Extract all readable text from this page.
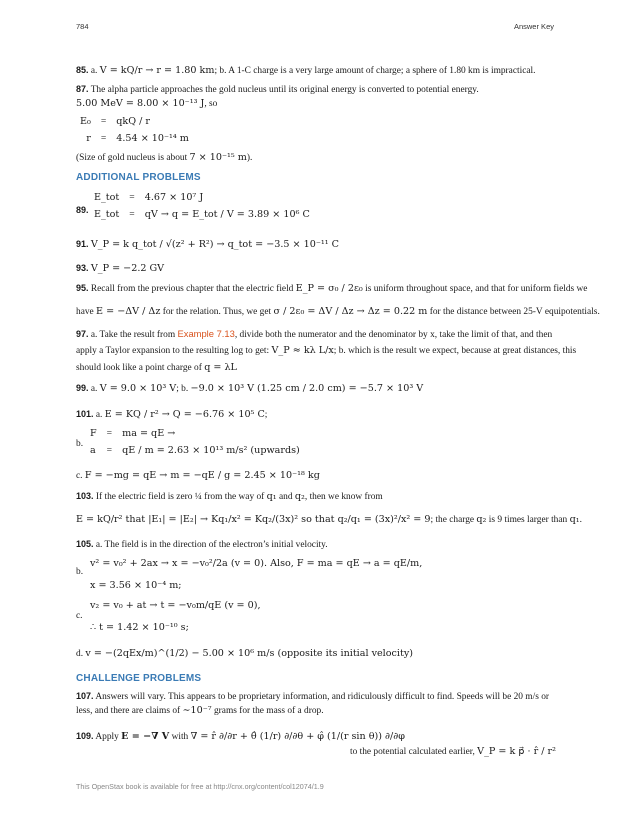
784	Answer Key
85. a. V = kQ/r → r = 1.80 km; b. A 1-C charge is a very large amount of charge; a sphere of 1.80 km is impractical.
87. The alpha particle approaches the gold nucleus until its original energy is converted to potential energy.
5.00 MeV = 8.00 × 10⁻¹³ J, so
E₀	=	qkQ / r
r	=	4.54 × 10⁻¹⁴ m
(Size of gold nucleus is about 7 × 10⁻¹⁵ m).
ADDITIONAL PROBLEMS
89.
E_tot	=	4.67 × 10⁷ J
E_tot	=	qV → q = E_tot / V = 3.89 × 10⁶ C
91. V_P = k q_tot / √(z² + R²) → q_tot = −3.5 × 10⁻¹¹ C
93. V_P = −2.2 GV
95. Recall from the previous chapter that the electric field E_P = σ₀ / 2ε₀ is uniform throughout space, and that for uniform fields we
have E = −ΔV / Δz for the relation. Thus, we get σ / 2ε₀ = ΔV / Δz → Δz = 0.22 m for the distance between 25-V equipotentials.
97. a. Take the result from Example 7.13, divide both the numerator and the denominator by x, take the limit of that, and then
apply a Taylor expansion to the resulting log to get: V_P ≈ kλ L/x; b. which is the result we expect, because at great distances, this
should look like a point charge of q = λL
99. a. V = 9.0 × 10³ V; b. −9.0 × 10³ V (1.25 cm / 2.0 cm) = −5.7 × 10³ V
101. a. E = KQ / r² → Q = −6.76 × 10⁵ C;
b.
F	=	ma = qE →
a	=	qE / m = 2.63 × 10¹³ m/s² (upwards)
c. F = −mg = qE → m = −qE / g = 2.45 × 10⁻¹⁸ kg
103. If the electric field is zero ¼ from the way of q₁ and q₂, then we know from
E = kQ/r² that |E₁| = |E₂| → Kq₁/x² = Kq₂/(3x)² so that q₂/q₁ = (3x)²/x² = 9; the charge q₂ is 9 times larger than q₁.
105. a. The field is in the direction of the electron’s initial velocity.
b.
v² = v₀² + 2ax → x = −v₀²/2a (v = 0). Also, F = ma = qE → a = qE/m,
x = 3.56 × 10⁻⁴ m;
c.
v₂ = v₀ + at → t = −v₀m/qE (v = 0),
∴ t = 1.42 × 10⁻¹⁰ s;
d. v = −(2qEx/m)^(1/2) − 5.00 × 10⁶ m/s (opposite its initial velocity)
CHALLENGE PROBLEMS
107. Answers will vary. This appears to be proprietary information, and ridiculously difficult to find. Speeds will be 20 m/s or
less, and there are claims of ∼10⁻⁷ grams for the mass of a drop.
109. Apply E = −∇ V with ∇ = r̂ ∂/∂r + θ̂ (1/r) ∂/∂θ + φ̂ (1/(r sin θ)) ∂/∂φ
to the potential calculated earlier, V_P = k p⃗ · r̂ / r²
This OpenStax book is available for free at http://cnx.org/content/col12074/1.9
